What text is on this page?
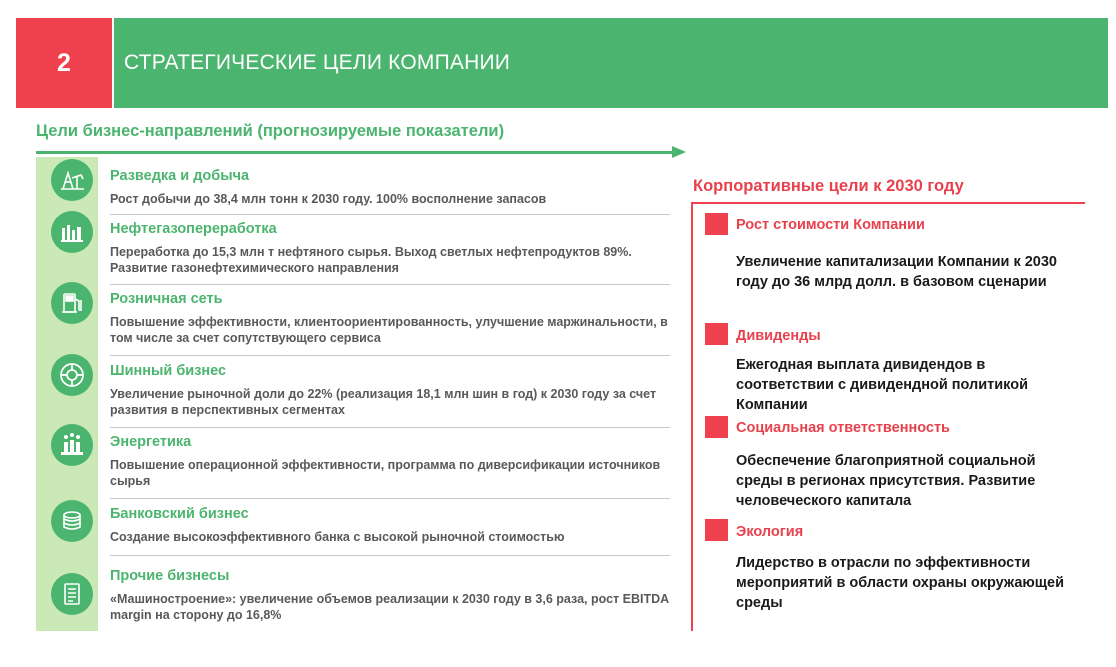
2	СТРАТЕГИЧЕСКИЕ ЦЕЛИ КОМПАНИИ
Цели бизнес-направлений (прогнозируемые показатели)
Разведка и добыча
Рост добычи до 38,4 млн тонн к 2030 году. 100% восполнение запасов
Нефтегазопереработка
Переработка до 15,3 млн т нефтяного сырья. Выход светлых нефтепродуктов 89%. Развитие газонефтехимического направления
Розничная сеть
Повышение эффективности, клиентоориентированность, улучшение маржинальности, в том числе за счет сопутствующего сервиса
Шинный бизнес
Увеличение рыночной доли до 22% (реализация 18,1 млн шин в год) к 2030 году за счет развития в перспективных сегментах
Энергетика
Повышение операционной эффективности, программа по диверсификации источников сырья
Банковский бизнес
Создание высокоэффективного банка с высокой рыночной стоимостью
Прочие бизнесы
«Машиностроение»: увеличение объемов реализации к 2030 году в 3,6 раза, рост EBITDA margin на сторону до 16,8%
Корпоративные цели к 2030 году
Рост стоимости Компании
Увеличение капитализации Компании к 2030 году до 36 млрд долл. в базовом сценарии
Дивиденды
Ежегодная выплата дивидендов в соответствии с дивидендной политикой Компании
Социальная ответственность
Обеспечение благоприятной социальной среды в регионах присутствия. Развитие человеческого капитала
Экология
Лидерство в отрасли по эффективности мероприятий в области охраны окружающей среды
